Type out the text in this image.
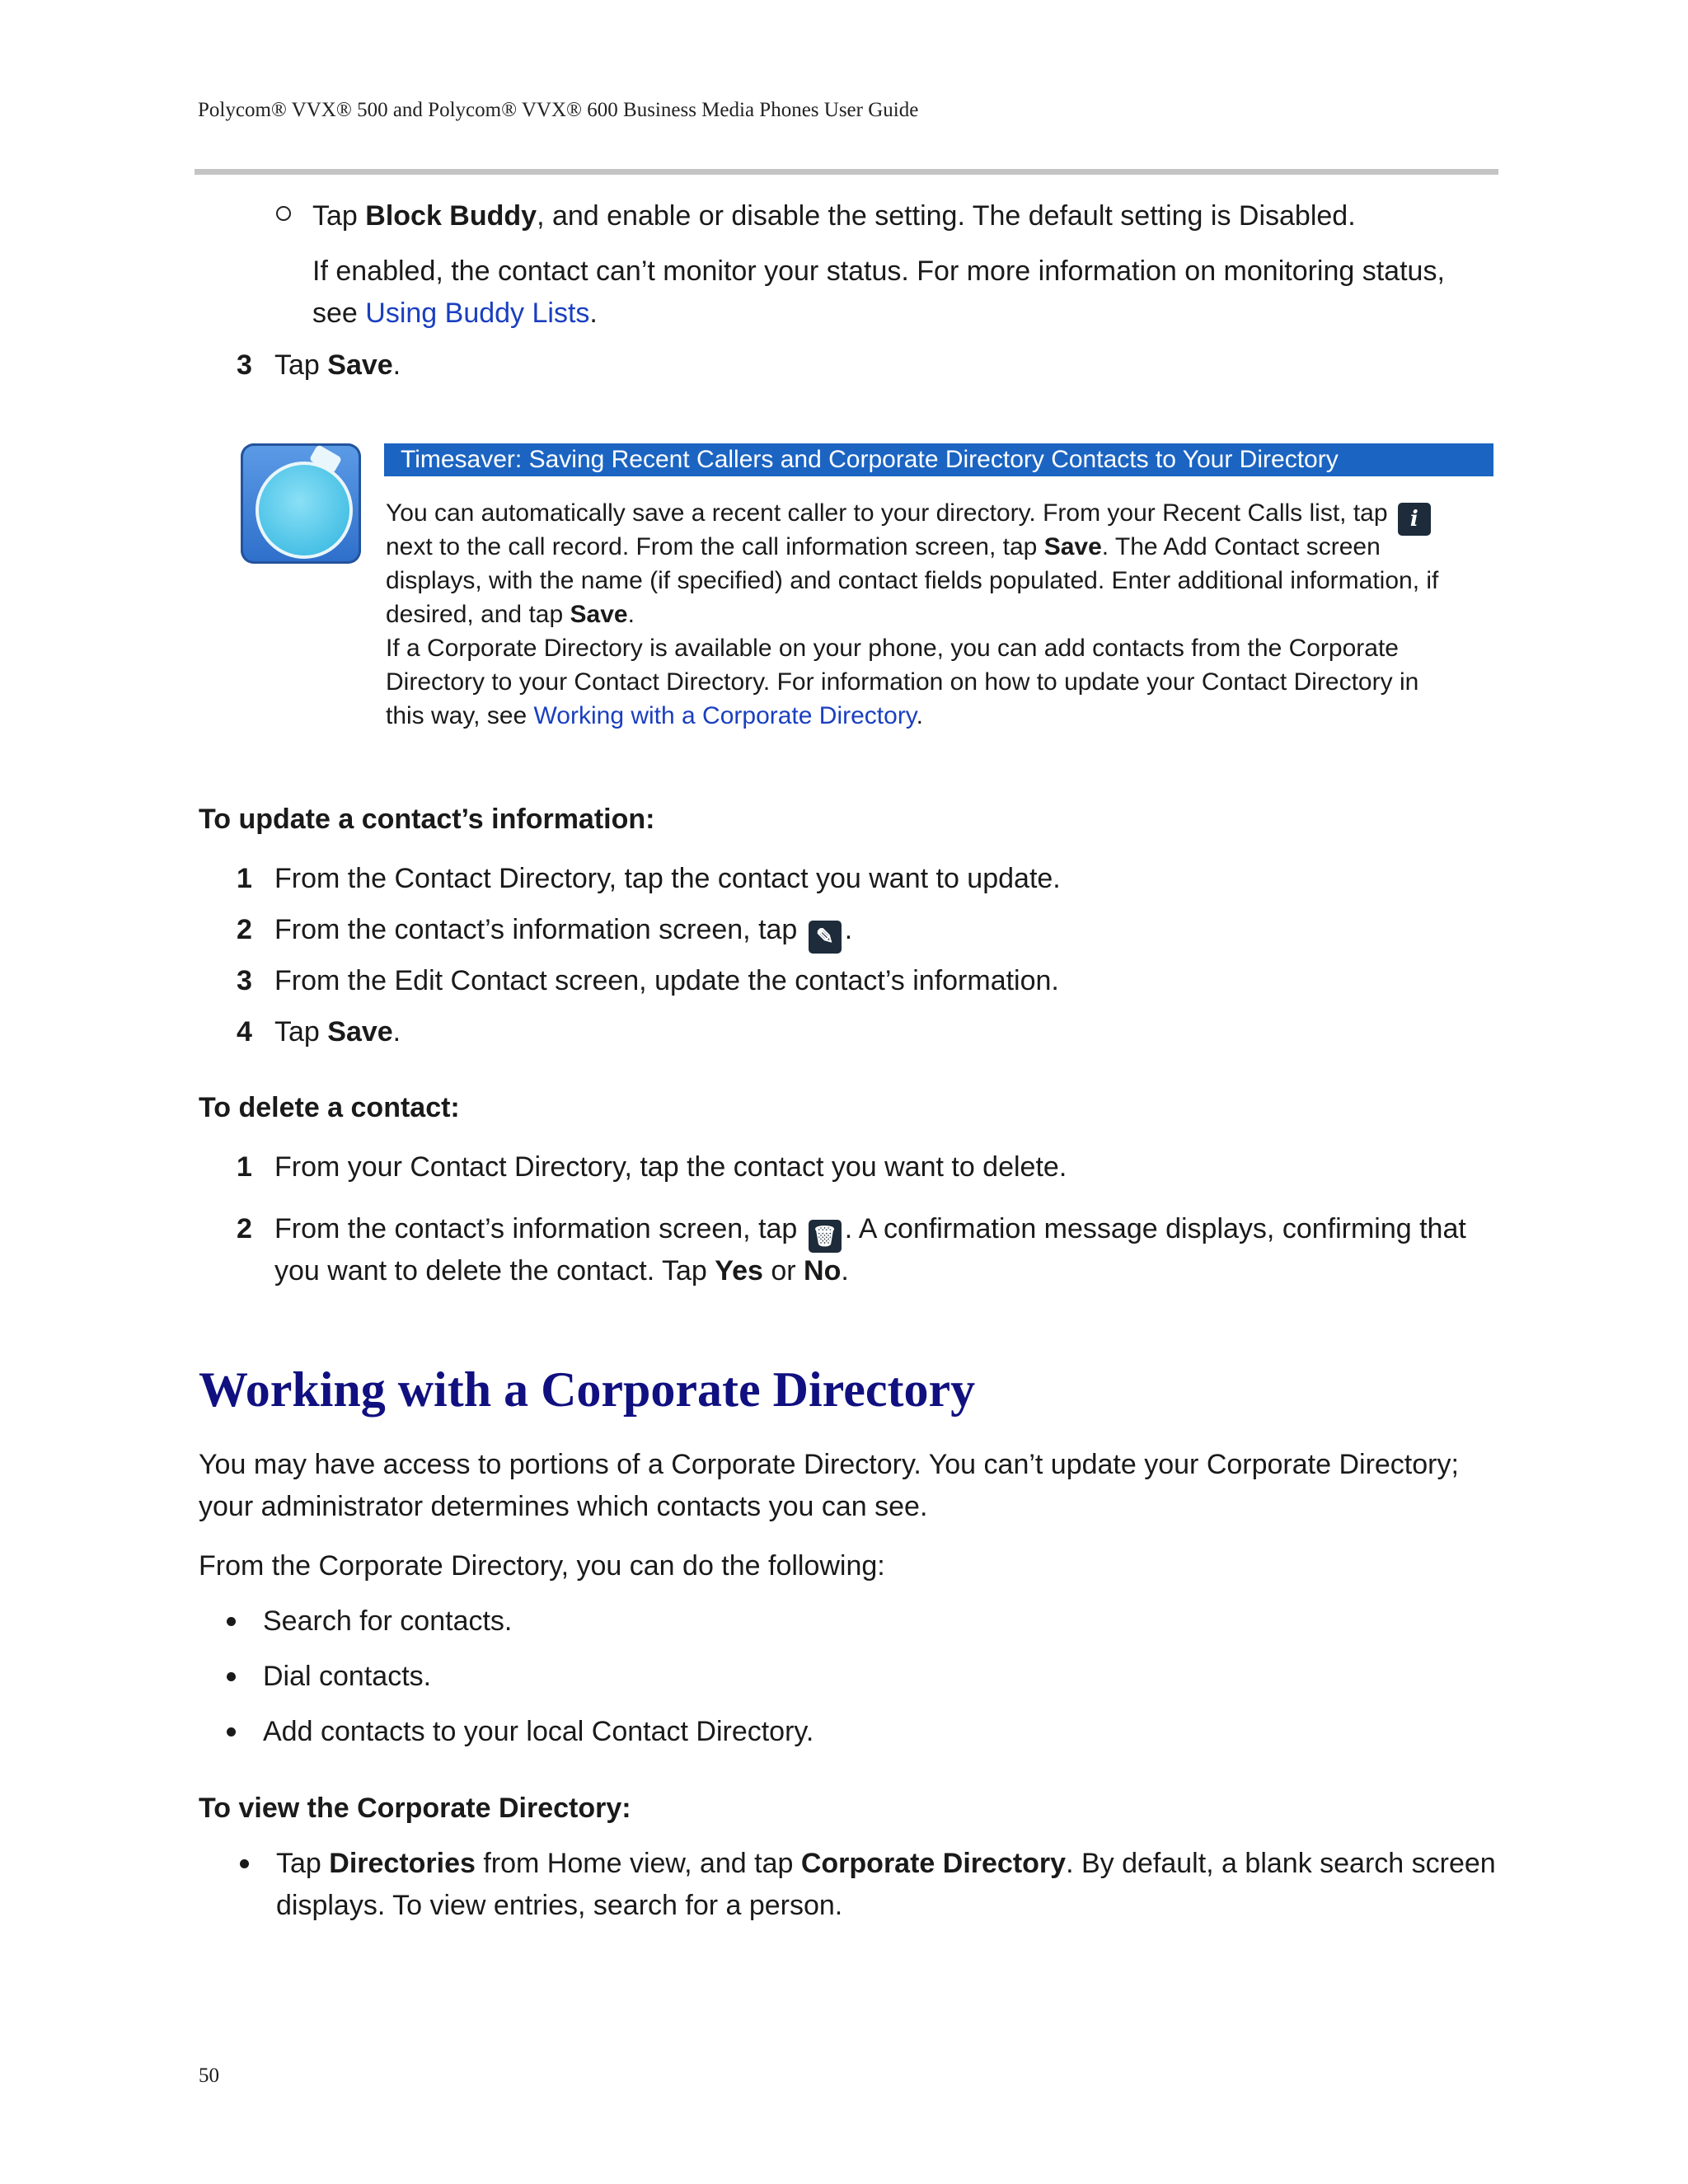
Polycom® VVX® 500 and Polycom® VVX® 600 Business Media Phones User Guide
Tap Block Buddy, and enable or disable the setting. The default setting is Disabled.
If enabled, the contact can’t monitor your status. For more information on monitoring status,
see Using Buddy Lists.
3 Tap Save.
Timesaver: Saving Recent Callers and Corporate Directory Contacts to Your Directory
You can automatically save a recent caller to your directory. From your Recent Calls list, tap i
next to the call record. From the call information screen, tap Save. The Add Contact screen
displays, with the name (if specified) and contact fields populated. Enter additional information, if
desired, and tap Save.
If a Corporate Directory is available on your phone, you can add contacts from the Corporate
Directory to your Contact Directory. For information on how to update your Contact Directory in
this way, see Working with a Corporate Directory.
To update a contact’s information:
1 From the Contact Directory, tap the contact you want to update.
2 From the contact’s information screen, tap ✎ .
3 From the Edit Contact screen, update the contact’s information.
4 Tap Save.
To delete a contact:
1 From your Contact Directory, tap the contact you want to delete.
2 From the contact’s information screen, tap 🗑 . A confirmation message displays, confirming that
you want to delete the contact. Tap Yes or No.
Working with a Corporate Directory
You may have access to portions of a Corporate Directory. You can’t update your Corporate Directory;
your administrator determines which contacts you can see.
From the Corporate Directory, you can do the following:
Search for contacts.
Dial contacts.
Add contacts to your local Contact Directory.
To view the Corporate Directory:
Tap Directories from Home view, and tap Corporate Directory. By default, a blank search screen
displays. To view entries, search for a person.
50
